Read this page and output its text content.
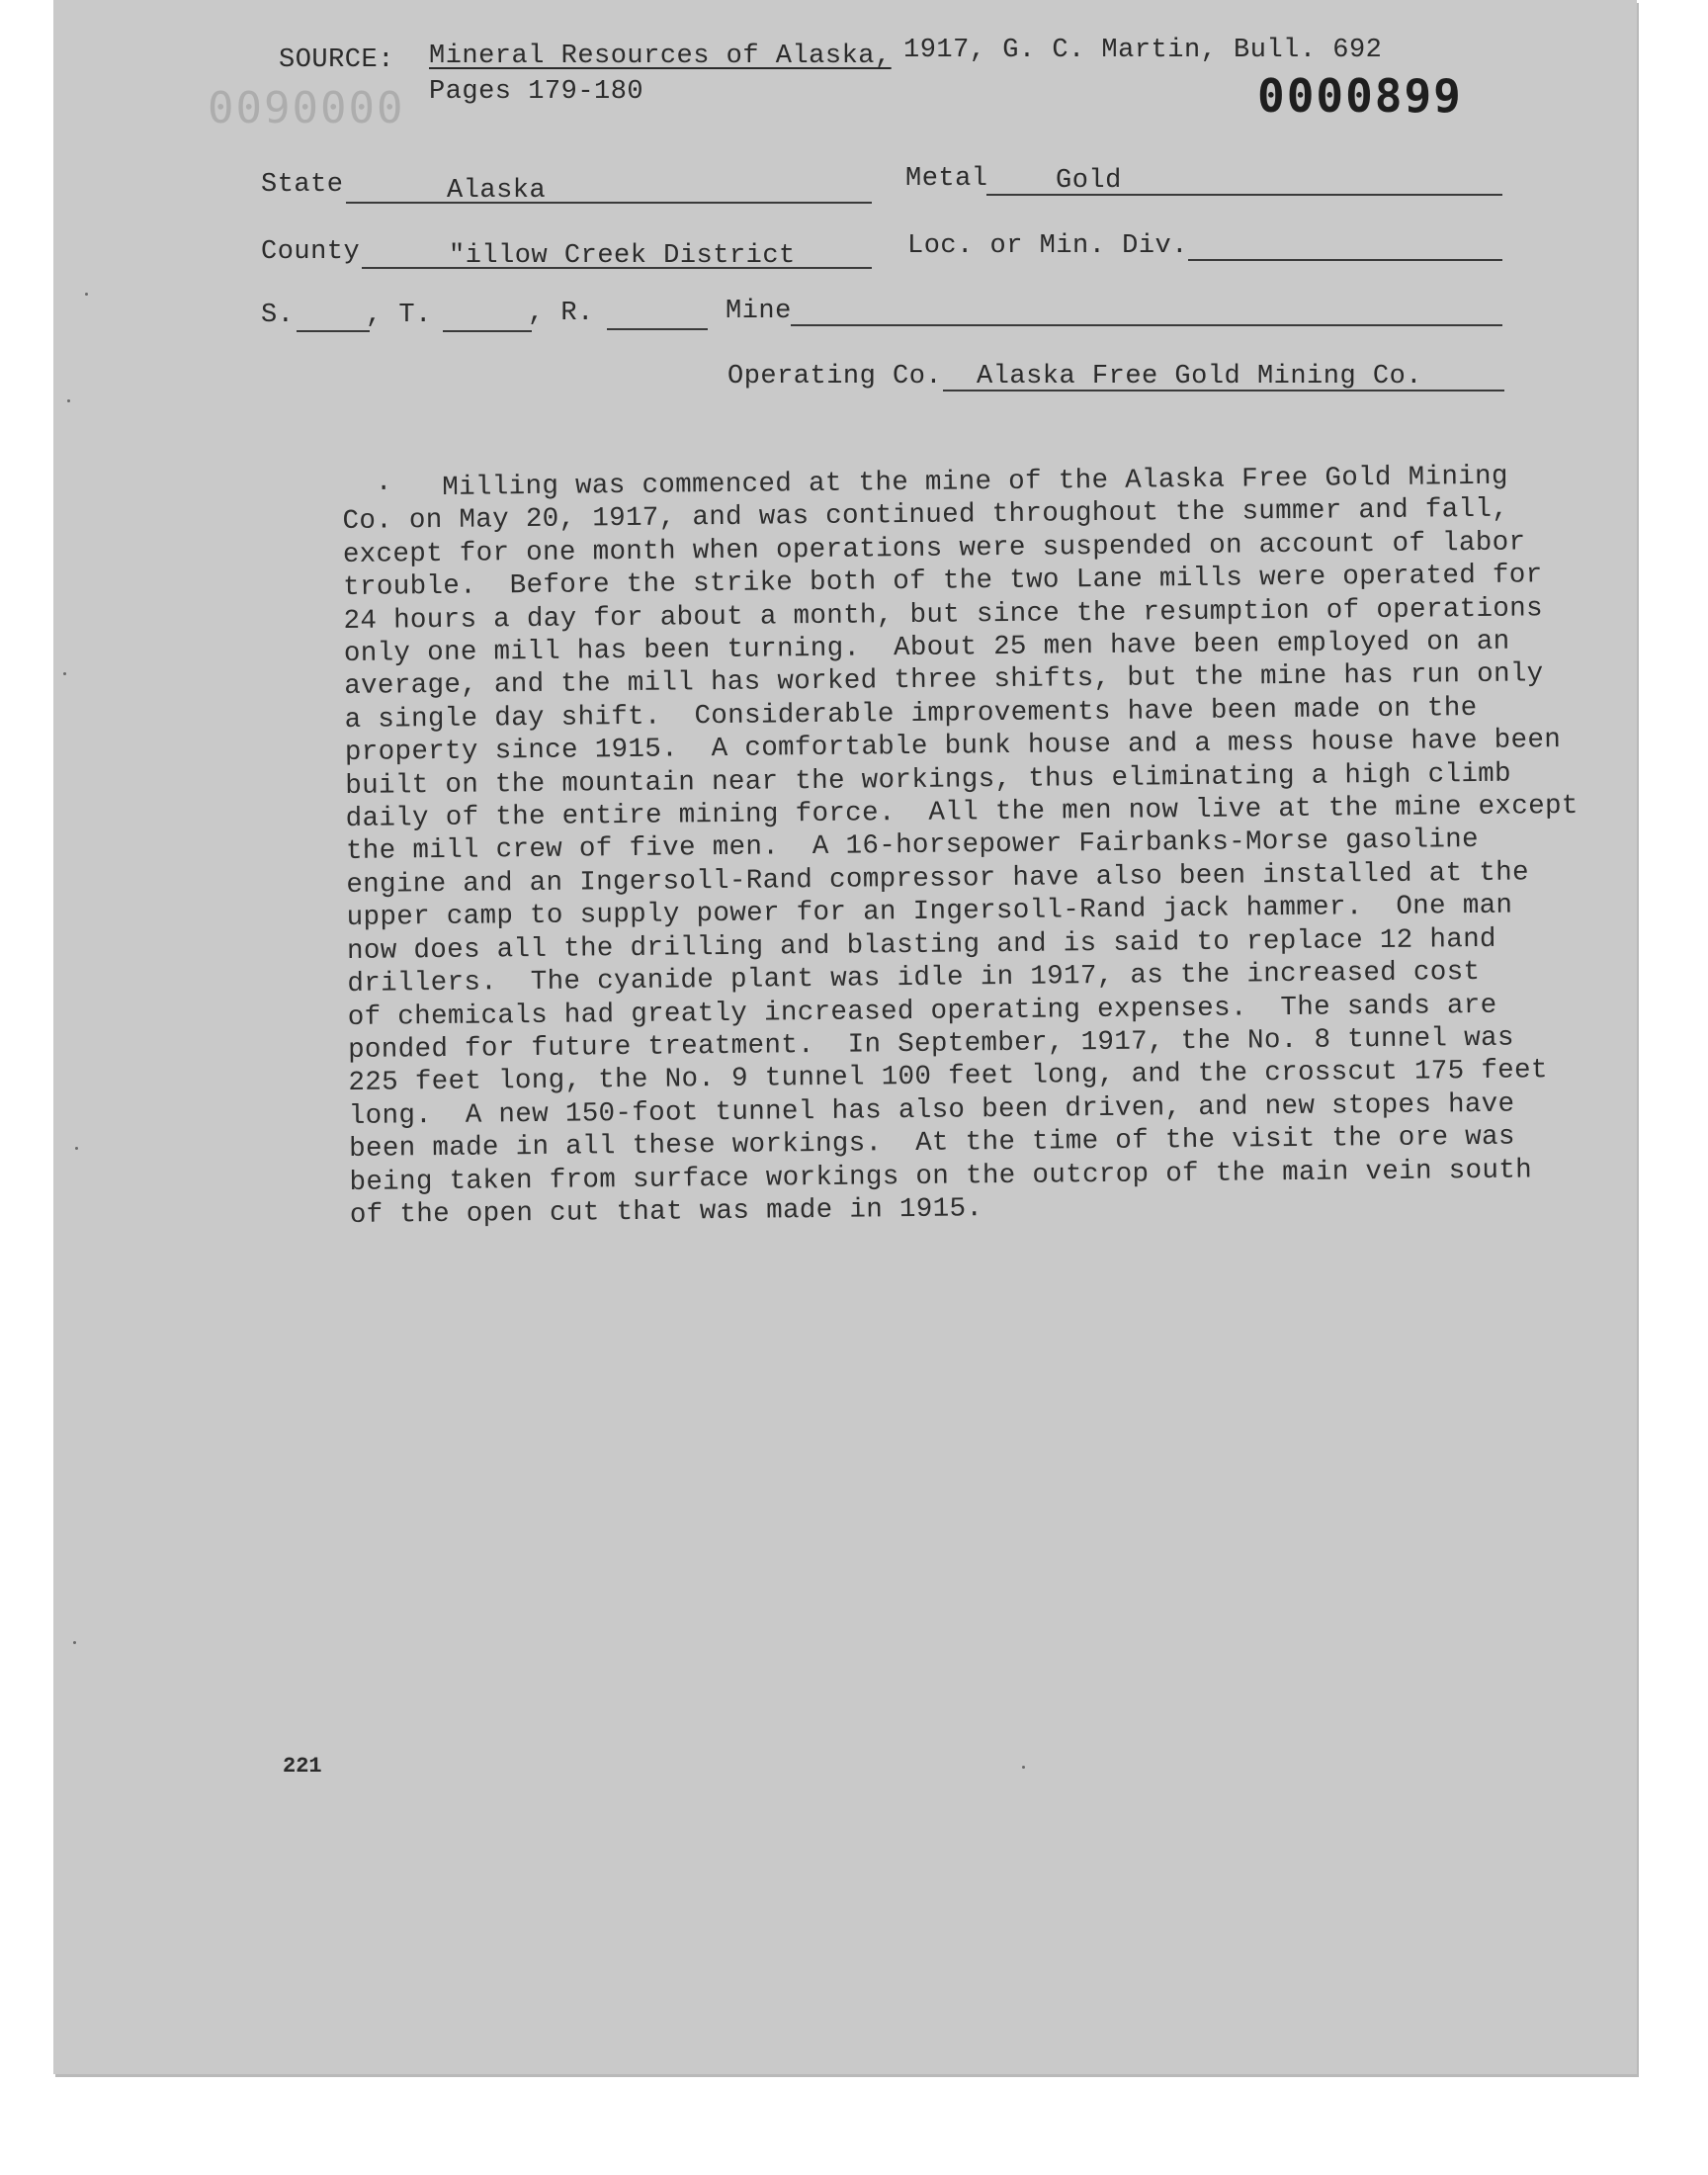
SOURCE: Mineral Resources of Alaska, 1917, G. C. Martin, Bull. 692
Pages 179-180
0090000	0000899
State	Alaska	Metal	Gold
County	"illow Creek District	Loc. or Min. Div.
S.	, T.	, R.	Mine
Operating Co. Alaska Free Gold Mining Co.
·   Milling was commenced at the mine of the Alaska Free Gold Mining
Co. on May 20, 1917, and was continued throughout the summer and fall,
except for one month when operations were suspended on account of labor
trouble.  Before the strike both of the two Lane mills were operated for
24 hours a day for about a month, but since the resumption of operations
only one mill has been turning.  About 25 men have been employed on an
average, and the mill has worked three shifts, but the mine has run only
a single day shift.  Considerable improvements have been made on the
property since 1915.  A comfortable bunk house and a mess house have been
built on the mountain near the workings, thus eliminating a high climb
daily of the entire mining force.  All the men now live at the mine except
the mill crew of five men.  A 16-horsepower Fairbanks-Morse gasoline
engine and an Ingersoll-Rand compressor have also been installed at the
upper camp to supply power for an Ingersoll-Rand jack hammer.  One man
now does all the drilling and blasting and is said to replace 12 hand
drillers.  The cyanide plant was idle in 1917, as the increased cost
of chemicals had greatly increased operating expenses.  The sands are
ponded for future treatment.  In September, 1917, the No. 8 tunnel was
225 feet long, the No. 9 tunnel 100 feet long, and the crosscut 175 feet
long.  A new 150-foot tunnel has also been driven, and new stopes have
been made in all these workings.  At the time of the visit the ore was
being taken from surface workings on the outcrop of the main vein south
of the open cut that was made in 1915.
221
